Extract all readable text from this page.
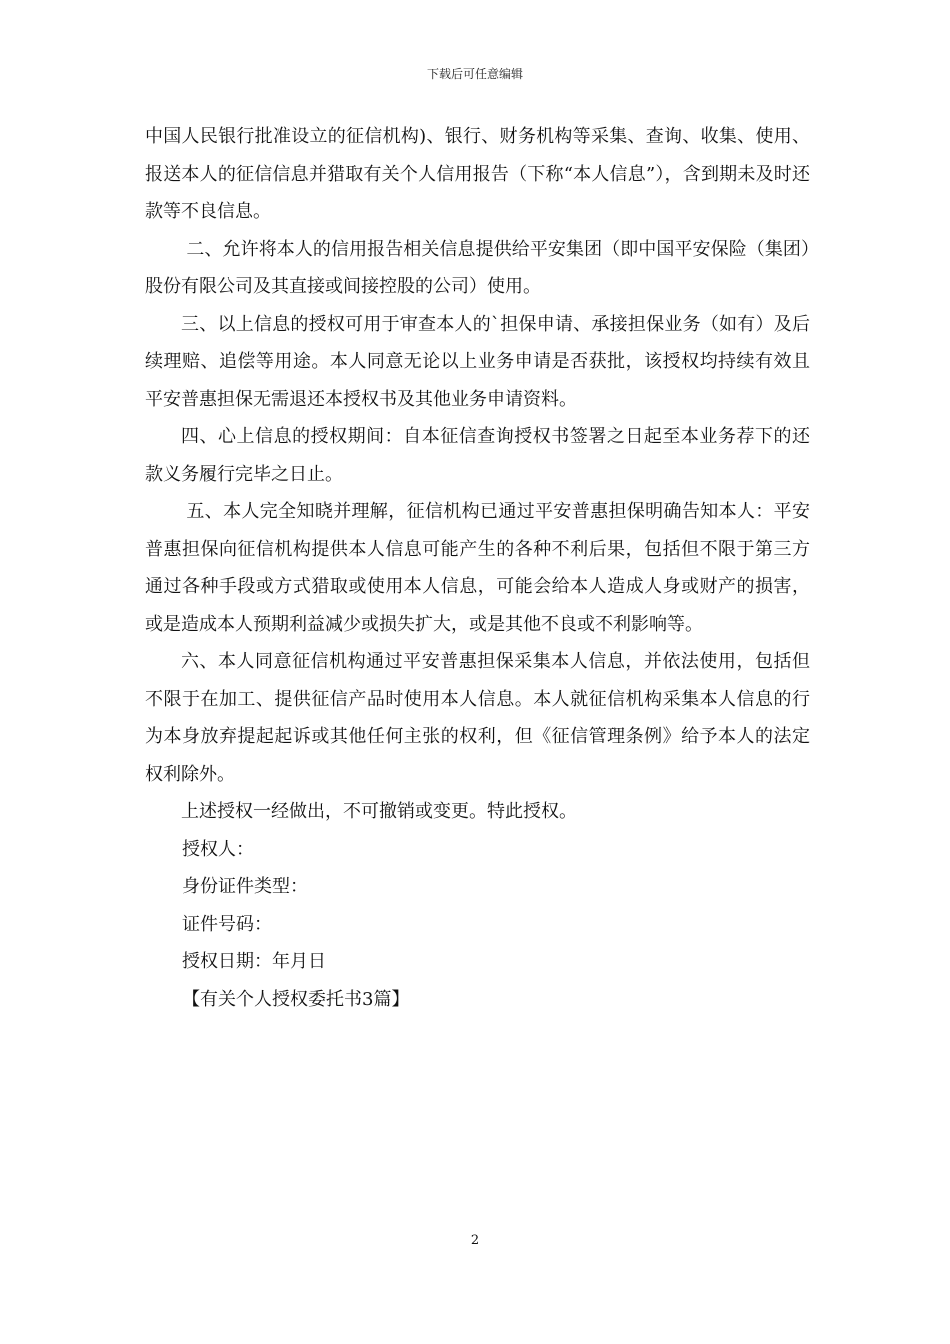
下载后可任意编辑

中国人民银行批准设立的征信机构)、银行、财务机构等采集、查询、收集、使用、报送本人的征信信息并猎取有关个人信用报告（下称“本人信息”），含到期未及时还款等不良信息。

二、允许将本人的信用报告相关信息提供给平安集团（即中国平安保险（集团）股份有限公司及其直接或间接控股的公司）使用。

三、以上信息的授权可用于审查本人的`担保申请、承接担保业务（如有）及后续理赔、追偿等用途。本人同意无论以上业务申请是否获批，该授权均持续有效且平安普惠担保无需退还本授权书及其他业务申请资料。

四、心上信息的授权期间：自本征信查询授权书签署之日起至本业务荐下的还款义务履行完毕之日止。

五、本人完全知晓并理解，征信机构已通过平安普惠担保明确告知本人：平安普惠担保向征信机构提供本人信息可能产生的各种不利后果，包括但不限于第三方通过各种手段或方式猎取或使用本人信息，可能会给本人造成人身或财产的损害，或是造成本人预期利益减少或损失扩大，或是其他不良或不利影响等。

六、本人同意征信机构通过平安普惠担保采集本人信息，并依法使用，包括但不限于在加工、提供征信产品时使用本人信息。本人就征信机构采集本人信息的行为本身放弃提起起诉或其他任何主张的权利，但《征信管理条例》给予本人的法定权利除外。

上述授权一经做出，不可撤销或变更。特此授权。

授权人：

身份证件类型：

证件号码：

授权日期：年月日

【有关个人授权委托书3篇】

2
